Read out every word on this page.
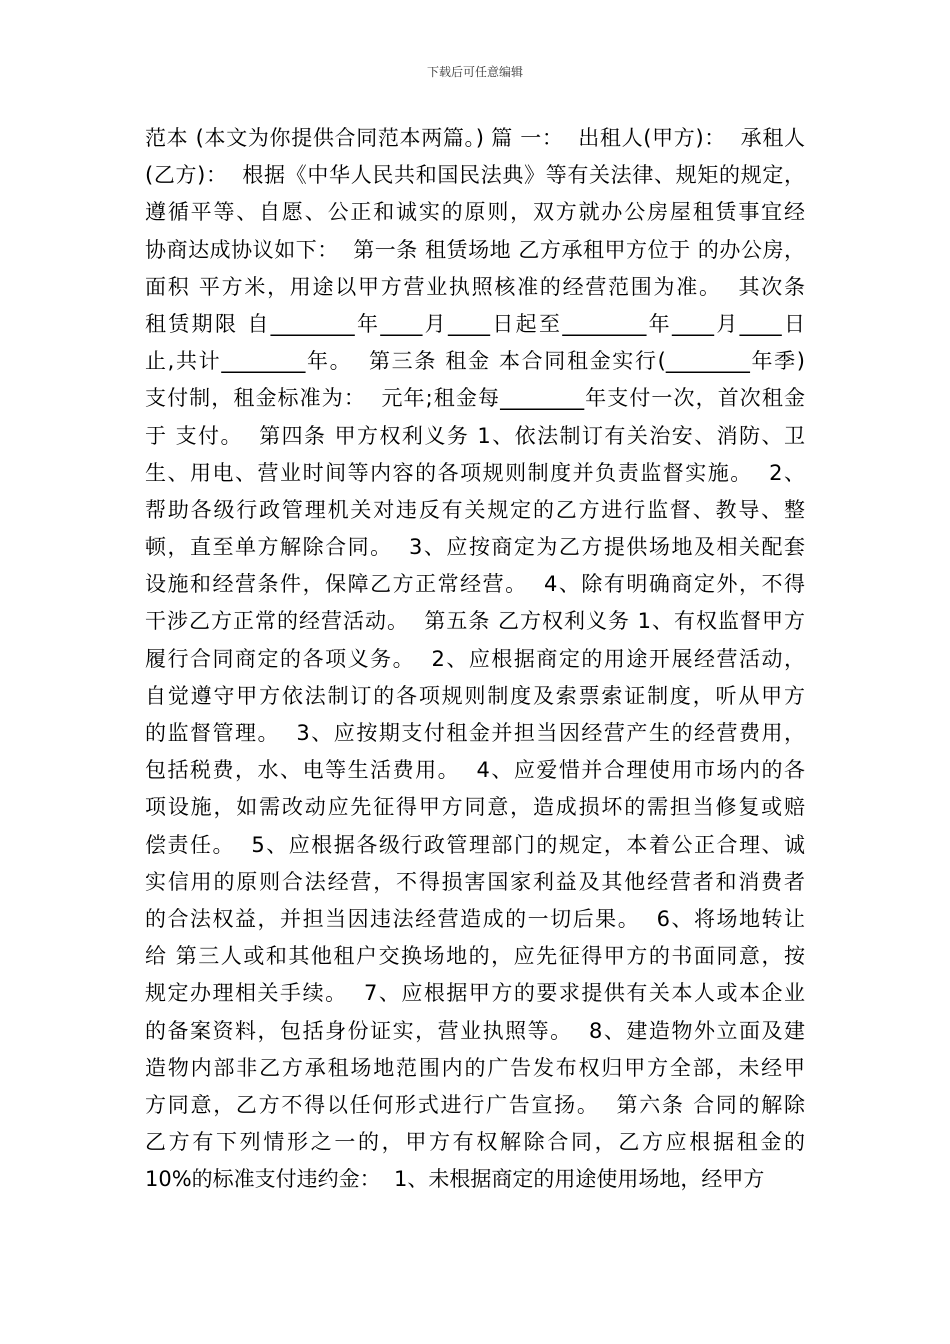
下载后可任意编辑
范本 (本文为你提供合同范本两篇。) 篇 一：  出租人(甲方)：  承租人
(乙方)：  根据《中华人民共和国民法典》等有关法律、规矩的规定，
遵循平等、自愿、公正和诚实的原则，双方就办公房屋租赁事宜经
协商达成协议如下：  第一条 租赁场地 乙方承租甲方位于 的办公房，
面积 平方米，用途以甲方营业执照核准的经营范围为准。  其次条
租赁期限 自________年____月____日起至________年____月____日
止,共计________年。  第三条 租金 本合同租金实行(________年季)
支付制，租金标准为：  元年;租金每________年支付一次，首次租金
于 支付。  第四条 甲方权利义务 1、依法制订有关治安、消防、卫
生、用电、营业时间等内容的各项规则制度并负责监督实施。  2、
帮助各级行政管理机关对违反有关规定的乙方进行监督、教导、整
顿，直至单方解除合同。  3、应按商定为乙方提供场地及相关配套
设施和经营条件，保障乙方正常经营。  4、除有明确商定外，不得
干涉乙方正常的经营活动。  第五条 乙方权利义务 1、有权监督甲方
履行合同商定的各项义务。  2、应根据商定的用途开展经营活动，
自觉遵守甲方依法制订的各项规则制度及索票索证制度，听从甲方
的监督管理。  3、应按期支付租金并担当因经营产生的经营费用，
包括税费，水、电等生活费用。  4、应爱惜并合理使用市场内的各
项设施，如需改动应先征得甲方同意，造成损坏的需担当修复或赔
偿责任。  5、应根据各级行政管理部门的规定，本着公正合理、诚
实信用的原则合法经营，不得损害国家利益及其他经营者和消费者
的合法权益，并担当因违法经营造成的一切后果。  6、将场地转让
给 第三人或和其他租户交换场地的，应先征得甲方的书面同意，按
规定办理相关手续。  7、应根据甲方的要求提供有关本人或本企业
的备案资料，包括身份证实，营业执照等。  8、建造物外立面及建
造物内部非乙方承租场地范围内的广告发布权归甲方全部，未经甲
方同意，乙方不得以任何形式进行广告宣扬。  第六条 合同的解除
乙方有下列情形之一的，甲方有权解除合同，乙方应根据租金的
10%的标准支付违约金：  1、未根据商定的用途使用场地，经甲方
